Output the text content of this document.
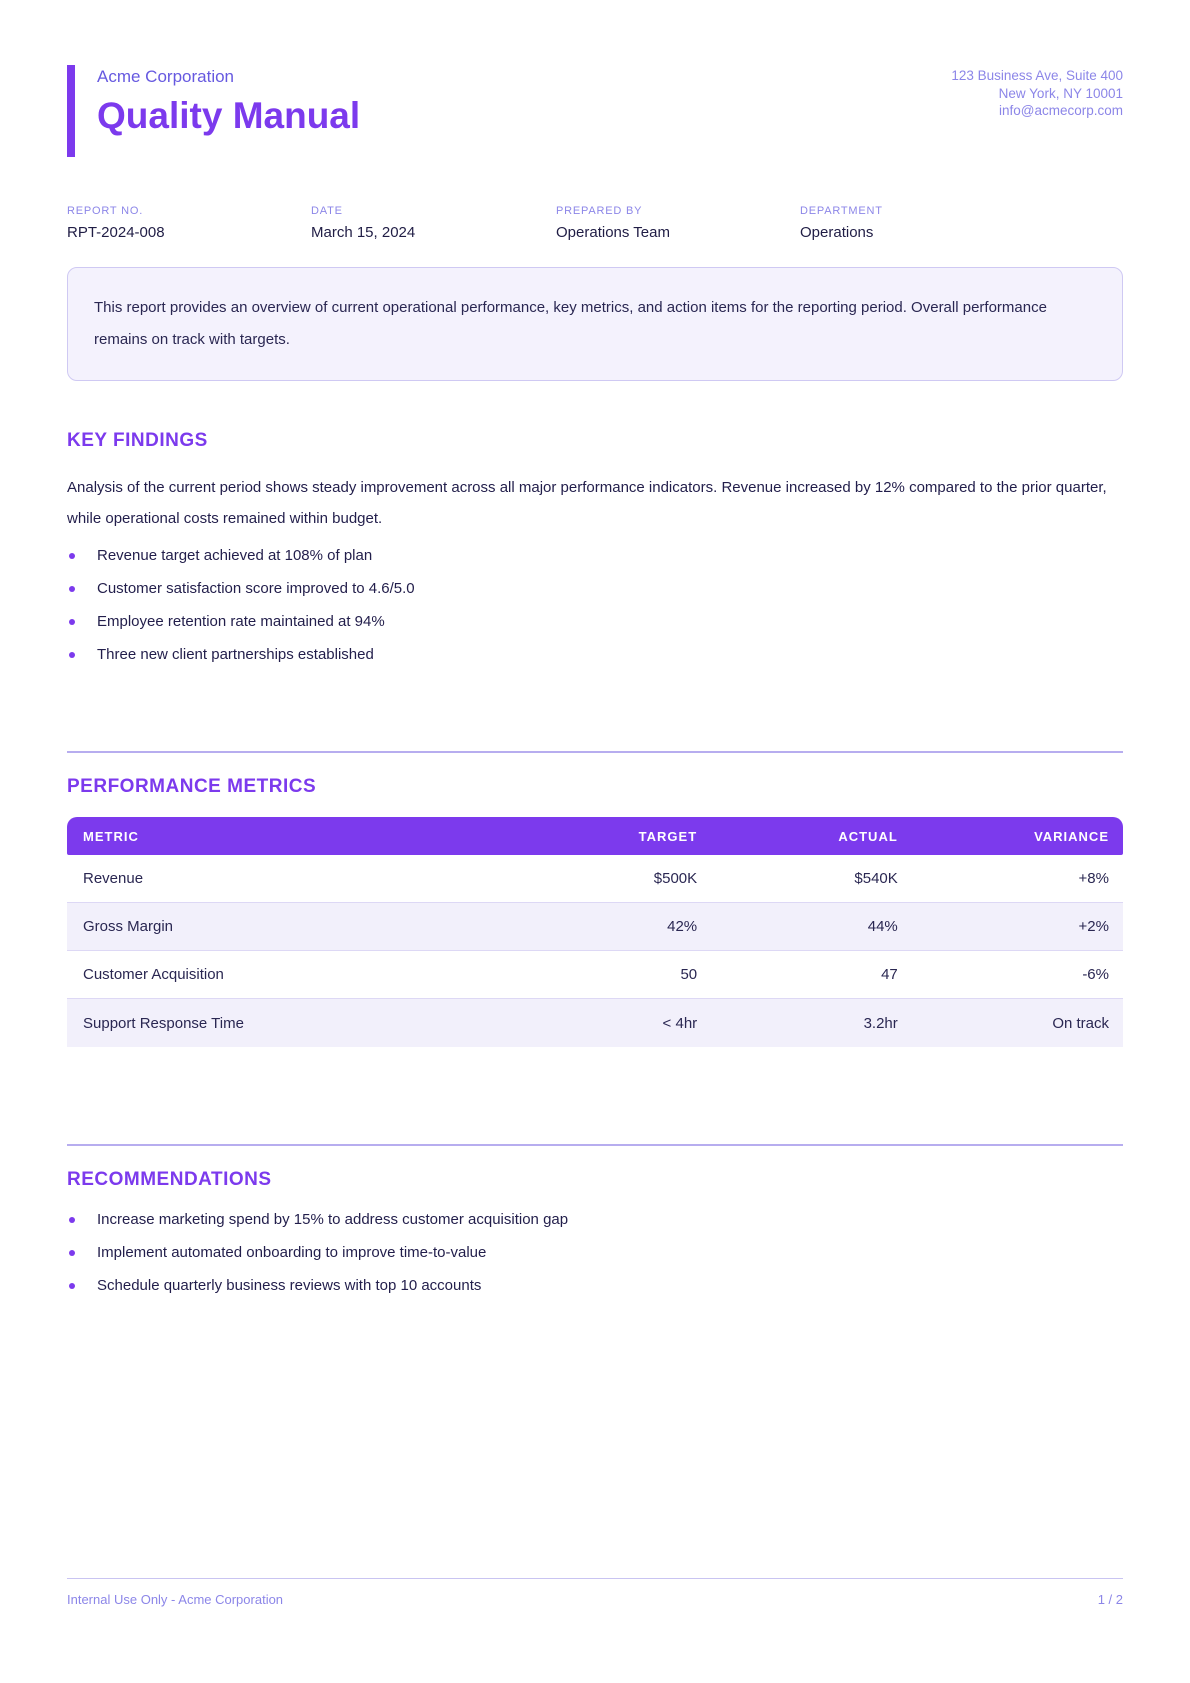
Acme Corporation
Quality Manual
123 Business Ave, Suite 400
New York, NY 10001
info@acmecorp.com
REPORT NO.
RPT-2024-008
DATE
March 15, 2024
PREPARED BY
Operations Team
DEPARTMENT
Operations
This report provides an overview of current operational performance, key metrics, and action items for the reporting period. Overall performance remains on track with targets.
KEY FINDINGS
Analysis of the current period shows steady improvement across all major performance indicators. Revenue increased by 12% compared to the prior quarter, while operational costs remained within budget.
Revenue target achieved at 108% of plan
Customer satisfaction score improved to 4.6/5.0
Employee retention rate maintained at 94%
Three new client partnerships established
PERFORMANCE METRICS
METRIC	TARGET	ACTUAL	VARIANCE
Revenue	$500K	$540K	+8%
Gross Margin	42%	44%	+2%
Customer Acquisition	50	47	-6%
Support Response Time	< 4hr	3.2hr	On track
RECOMMENDATIONS
Increase marketing spend by 15% to address customer acquisition gap
Implement automated onboarding to improve time-to-value
Schedule quarterly business reviews with top 10 accounts
Internal Use Only - Acme Corporation	1 / 2
